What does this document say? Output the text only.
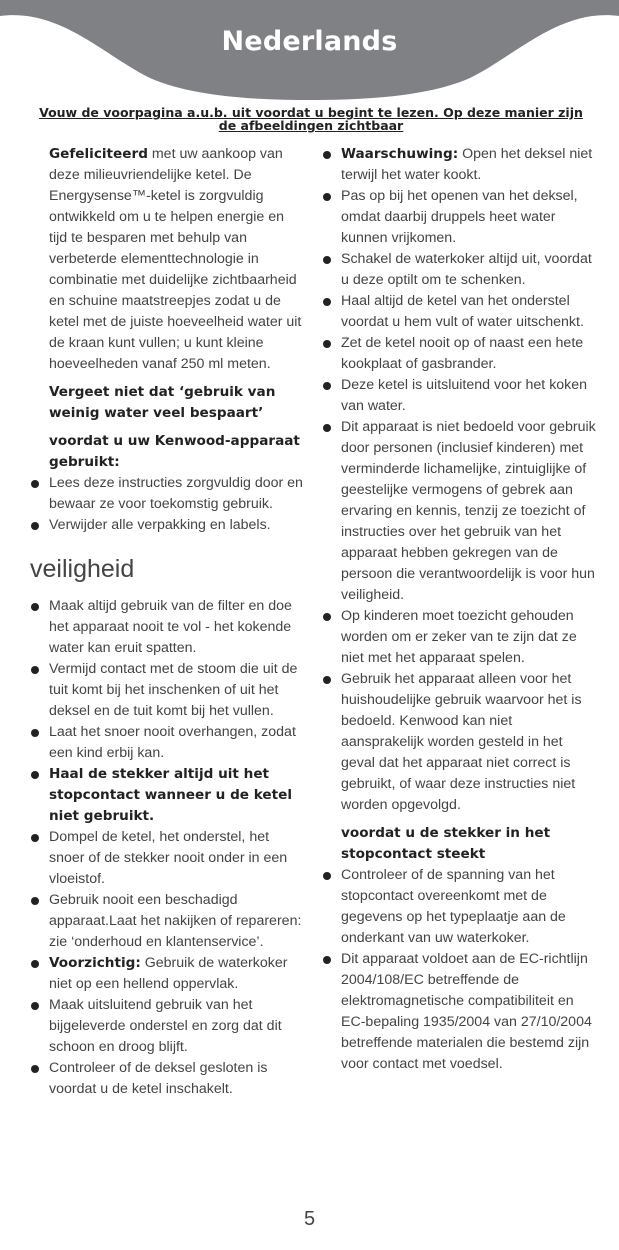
Nederlands
Vouw de voorpagina a.u.b. uit voordat u begint te lezen. Op deze manier zijn de afbeeldingen zichtbaar

Gefeliciteerd met uw aankoop van deze milieuvriendelijke ketel. De Energysense™-ketel is zorgvuldig ontwikkeld om u te helpen energie en tijd te besparen met behulp van verbeterde elementtechnologie in combinatie met duidelijke zichtbaarheid en schuine maatstreepjes zodat u de ketel met de juiste hoeveelheid water uit de kraan kunt vullen; u kunt kleine hoeveelheden vanaf 250 ml meten.

Vergeet niet dat ‘gebruik van weinig water veel bespaart’

voordat u uw Kenwood-apparaat gebruikt:

Lees deze instructies zorgvuldig door en bewaar ze voor toekomstig gebruik.
Verwijder alle verpakking en labels.
veiligheid
Maak altijd gebruik van de filter en doe het apparaat nooit te vol - het kokende water kan eruit spatten.
Vermijd contact met de stoom die uit de tuit komt bij het inschenken of uit het deksel en de tuit komt bij het vullen.
Laat het snoer nooit overhangen, zodat een kind erbij kan.
Haal de stekker altijd uit het stopcontact wanneer u de ketel niet gebruikt.
Dompel de ketel, het onderstel, het snoer of de stekker nooit onder in een vloeistof.
Gebruik nooit een beschadigd apparaat.Laat het nakijken of repareren: zie ‘onderhoud en klantenservice’.
Voorzichtig: Gebruik de waterkoker niet op een hellend oppervlak.
Maak uitsluitend gebruik van het bijgeleverde onderstel en zorg dat dit schoon en droog blijft.
Controleer of de deksel gesloten is voordat u de ketel inschakelt.
Waarschuwing: Open het deksel niet terwijl het water kookt.
Pas op bij het openen van het deksel, omdat daarbij druppels heet water kunnen vrijkomen.
Schakel de waterkoker altijd uit, voordat u deze optilt om te schenken.
Haal altijd de ketel van het onderstel voordat u hem vult of water uitschenkt.
Zet de ketel nooit op of naast een hete kookplaat of gasbrander.
Deze ketel is uitsluitend voor het koken van water.
Dit apparaat is niet bedoeld voor gebruik door personen (inclusief kinderen) met verminderde lichamelijke, zintuiglijke of geestelijke vermogens of gebrek aan ervaring en kennis, tenzij ze toezicht of instructies over het gebruik van het apparaat hebben gekregen van de persoon die verantwoordelijk is voor hun veiligheid.
Op kinderen moet toezicht gehouden worden om er zeker van te zijn dat ze niet met het apparaat spelen.
Gebruik het apparaat alleen voor het huishoudelijke gebruik waarvoor het is bedoeld. Kenwood kan niet aansprakelijk worden gesteld in het geval dat het apparaat niet correct is gebruikt, of waar deze instructies niet worden opgevolgd.

voordat u de stekker in het stopcontact steekt

Controleer of de spanning van het stopcontact overeenkomt met de gegevens op het typeplaatje aan de onderkant van uw waterkoker.
Dit apparaat voldoet aan de EC-richtlijn 2004/108/EC betreffende de elektromagnetische compatibiliteit en EC-bepaling 1935/2004 van 27/10/2004 betreffende materialen die bestemd zijn voor contact met voedsel.
5
